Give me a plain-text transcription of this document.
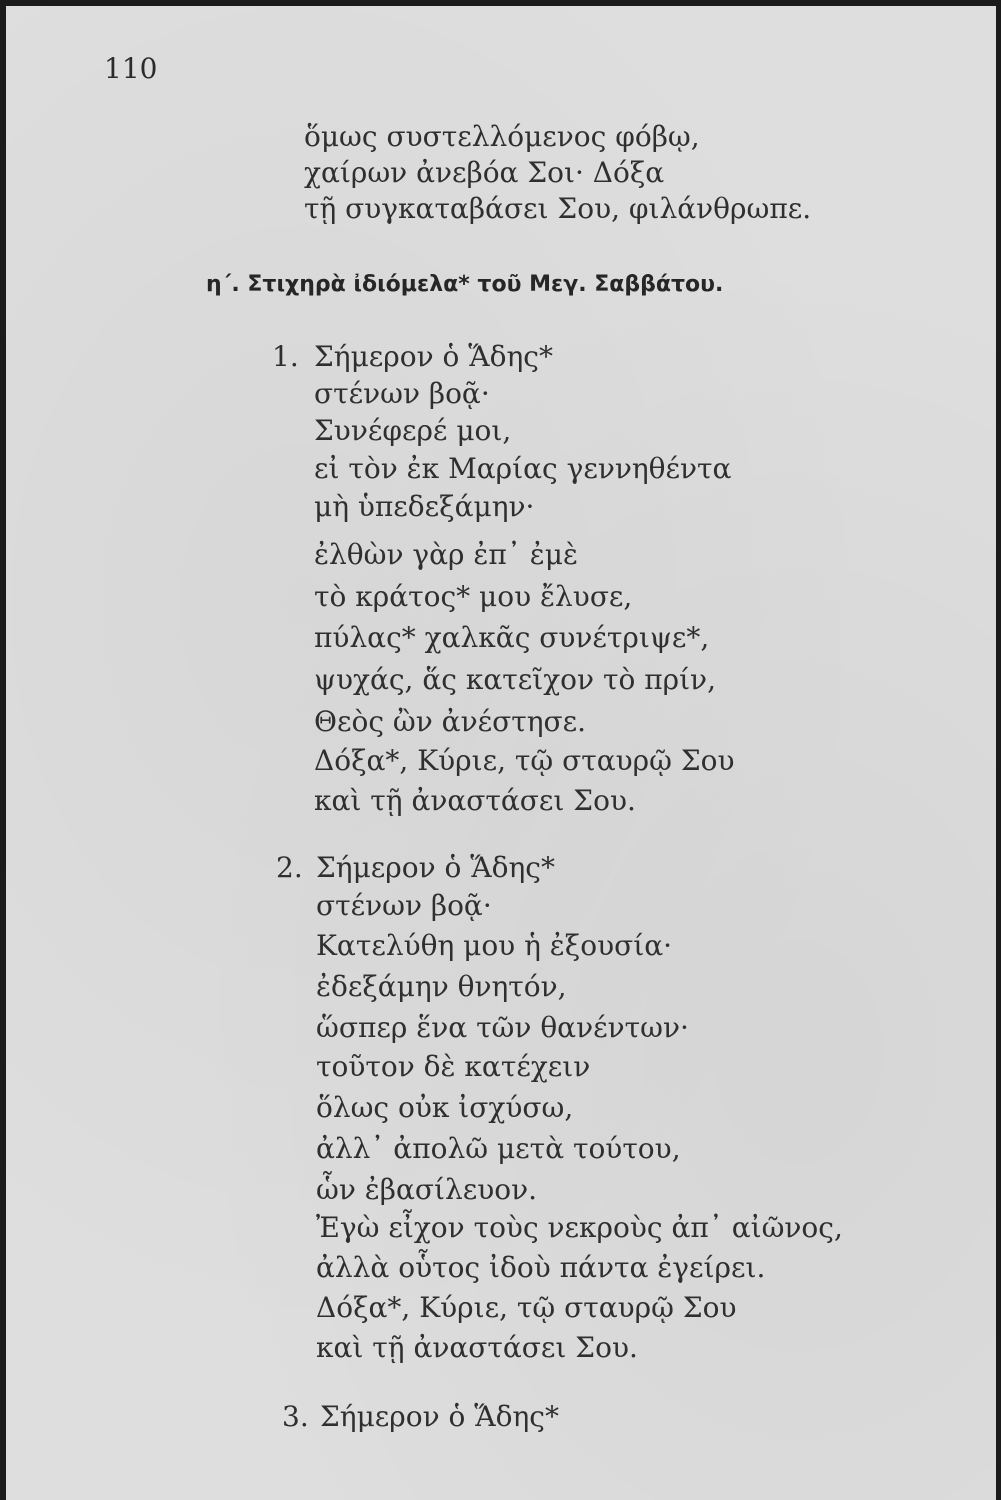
110
ὅμως συστελλόμενος φόβῳ,
χαίρων ἀνεβόα Σοι· Δόξα
τῇ συγκαταβάσει Σου, φιλάνθρωπε.
η΄. Στιχηρὰ ἰδιόμελα* τοῦ Μεγ. Σαββάτου.
1. Σήμερον ὁ Ἅδης*
στένων βοᾷ·
Συνέφερέ μοι,
εἰ τὸν ἐκ Μαρίας γεννηθέντα
μὴ ὑπεδεξάμην·
ἐλθὼν γὰρ ἐπ᾽ ἐμὲ
τὸ κράτος* μου ἔλυσε,
πύλας* χαλκᾶς συνέτριψε*,
ψυχάς, ἅς κατεῖχον τὸ πρίν,
Θεὸς ὢν ἀνέστησε.
Δόξα*, Κύριε, τῷ σταυρῷ Σου
καὶ τῇ ἀναστάσει Σου.
2. Σήμερον ὁ Ἅδης*
στένων βοᾷ·
Κατελύθη μου ἡ ἐξουσία·
ἐδεξάμην θνητόν,
ὥσπερ ἕνα τῶν θανέντων·
τοῦτον δὲ κατέχειν
ὅλως οὐκ ἰσχύσω,
ἀλλ᾽ ἀπολῶ μετὰ τούτου,
ὧν ἐβασίλευον.
Ἐγὼ εἶχον τοὺς νεκροὺς ἀπ᾽ αἰῶνος,
ἀλλὰ οὗτος ἰδοὺ πάντα ἐγείρει.
Δόξα*, Κύριε, τῷ σταυρῷ Σου
καὶ τῇ ἀναστάσει Σου.
3. Σήμερον ὁ Ἅδης*
